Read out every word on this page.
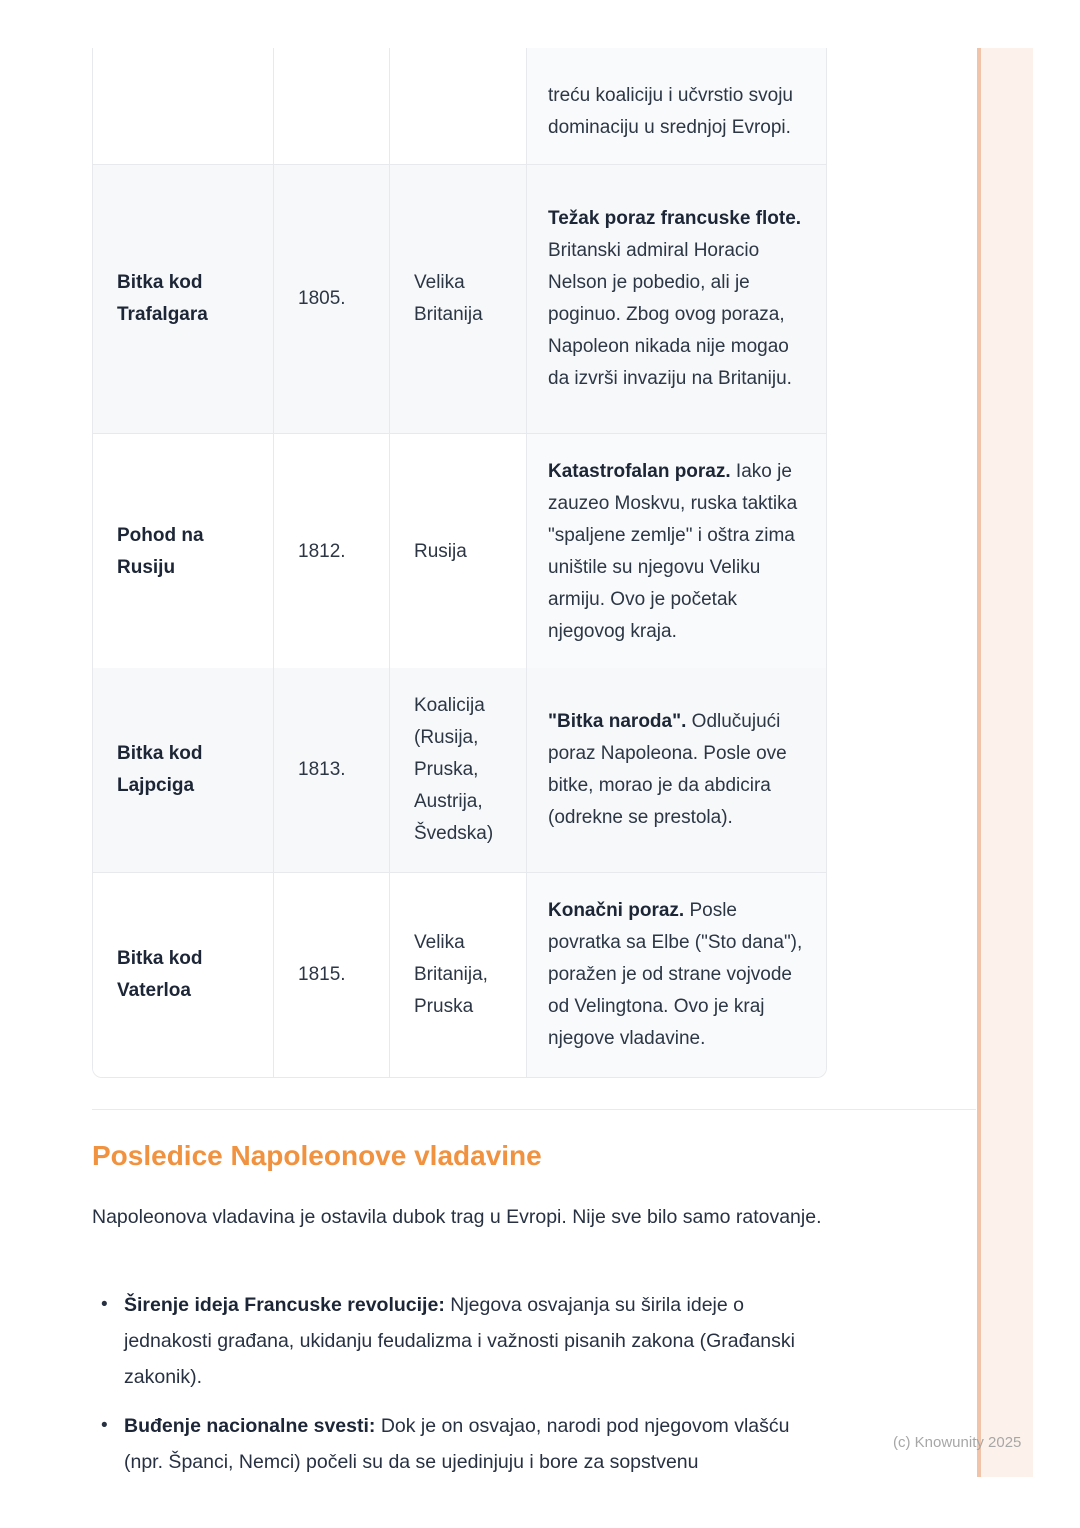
treću koaliciju i učvrstio svoju dominaciju u srednjoj Evropi.
Bitka kod Trafalgara
1805.
Velika Britanija
Težak poraz francuske flote. Britanski admiral Horacio Nelson je pobedio, ali je poginuo. Zbog ovog poraza, Napoleon nikada nije mogao da izvrši invaziju na Britaniju.
Pohod na Rusiju
1812.	Rusija
Katastrofalan poraz. Iako je zauzeo Moskvu, ruska taktika "spaljene zemlje" i oštra zima uništile su njegovu Veliku armiju. Ovo je početak njegovog kraja.
Bitka kod Lajpciga
1813.
Koalicija (Rusija, Pruska, Austrija, Švedska)
"Bitka naroda". Odlučujući poraz Napoleona. Posle ove bitke, morao je da abdicira (odrekne se prestola).
Bitka kod Vaterloa
1815.
Velika Britanija, Pruska
Konačni poraz. Posle povratka sa Elbe ("Sto dana"), poražen je od strane vojvode od Velingtona. Ovo je kraj njegove vladavine.
Posledice Napoleonove vladavine

Napoleonova vladavina je ostavila dubok trag u Evropi. Nije sve bilo samo ratovanje.

• Širenje ideja Francuske revolucije: Njegova osvajanja su širila ideje o jednakosti građana, ukidanju feudalizma i važnosti pisanih zakona (Građanski zakonik).
• Buđenje nacionalne svesti: Dok je on osvajao, narodi pod njegovom vlašću (npr. Španci, Nemci) počeli su da se ujedinjuju i bore za sopstvenu
(c) Knowunity 2025
